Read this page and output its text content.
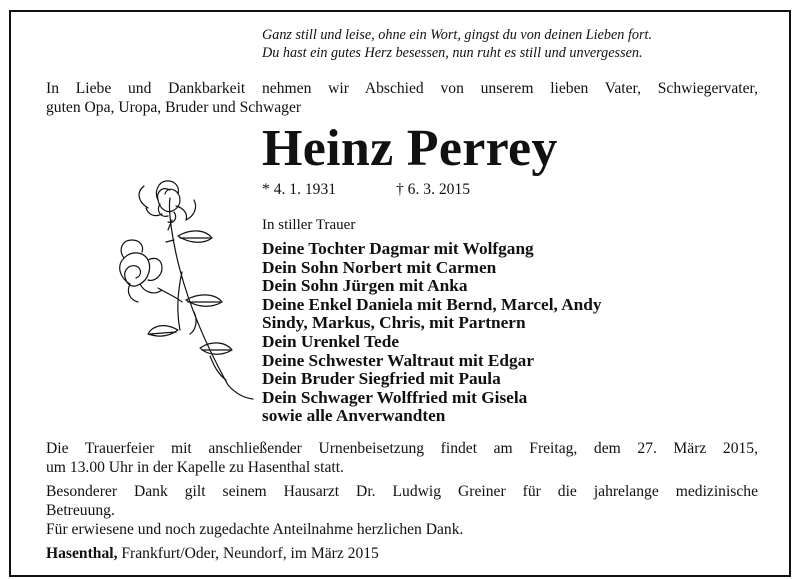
Ganz still und leise, ohne ein Wort, gingst du von deinen Lieben fort.
Du hast ein gutes Herz besessen, nun ruht es still und unvergessen.
In Liebe und Dankbarkeit nehmen wir Abschied von unserem lieben Vater, Schwiegervater,
guten Opa, Uropa, Bruder und Schwager
Heinz Perrey
* 4. 1. 1931	† 6. 3. 2015
In stiller Trauer
Deine Tochter Dagmar mit Wolfgang
Dein Sohn Norbert mit Carmen
Dein Sohn Jürgen mit Anka
Deine Enkel Daniela mit Bernd, Marcel, Andy
Sindy, Markus, Chris, mit Partnern
Dein Urenkel Tede
Deine Schwester Waltraut mit Edgar
Dein Bruder Siegfried mit Paula
Dein Schwager Wolffried mit Gisela
sowie alle Anverwandten
Die Trauerfeier mit anschließender Urnenbeisetzung findet am Freitag, dem 27. März 2015,
um 13.00 Uhr in der Kapelle zu Hasenthal statt.
Besonderer Dank gilt seinem Hausarzt Dr. Ludwig Greiner für die jahrelange medizinische
Betreuung.
Für erwiesene und noch zugedachte Anteilnahme herzlichen Dank.
Hasenthal, Frankfurt/Oder, Neundorf, im März 2015
